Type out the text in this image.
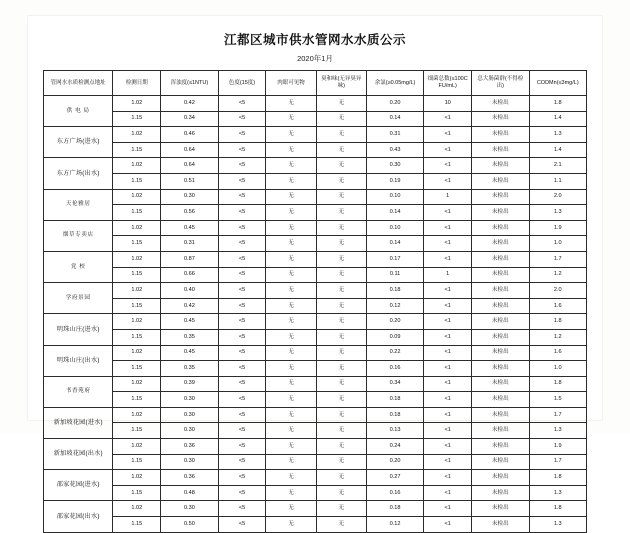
江都区城市供水管网水水质公示
2020年1月
管网水水质检测点地址	检测日期	浑浊度(≤1NTU)	色度(15度)	肉眼可见物	臭和味(无异臭异味)	余氯(≥0.05mg/L)	细菌总数(≤100CFU/mL)	总大肠菌群(不得检出)	CODMn(≤3mg/L)
供 电 局	1.02	0.42	<5	无	无	0.20	10	未检出	1.8
	1.15	0.34	<5	无	无	0.14	<1	未检出	1.4
东方广场(进水)	1.02	0.46	<5	无	无	0.31	<1	未检出	1.3
	1.15	0.64	<5	无	无	0.43	<1	未检出	1.4
东方广场(出水)	1.02	0.64	<5	无	无	0.30	<1	未检出	2.1
	1.15	0.51	<5	无	无	0.19	<1	未检出	1.1
天伦雅居	1.02	0.30	<5	无	无	0.10	1	未检出	2.0
	1.15	0.56	<5	无	无	0.14	<1	未检出	1.3
烟草专卖店	1.02	0.45	<5	无	无	0.10	<1	未检出	1.9
	1.15	0.31	<5	无	无	0.14	<1	未检出	1.0
党 校	1.02	0.87	<5	无	无	0.17	<1	未检出	1.7
	1.15	0.66	<5	无	无	0.11	1	未检出	1.2
学府景园	1.02	0.40	<5	无	无	0.18	<1	未检出	2.0
	1.15	0.42	<5	无	无	0.12	<1	未检出	1.6
明珠山庄(进水)	1.02	0.45	<5	无	无	0.20	<1	未检出	1.8
	1.15	0.35	<5	无	无	0.09	<1	未检出	1.2
明珠山庄(出水)	1.02	0.45	<5	无	无	0.22	<1	未检出	1.6
	1.15	0.35	<5	无	无	0.16	<1	未检出	1.0
书香苑府	1.02	0.39	<5	无	无	0.34	<1	未检出	1.8
	1.15	0.30	<5	无	无	0.18	<1	未检出	1.5
新加坡花园(进水)	1.02	0.30	<5	无	无	0.18	<1	未检出	1.7
	1.15	0.30	<5	无	无	0.13	<1	未检出	1.3
新加坡花园(出水)	1.02	0.36	<5	无	无	0.24	<1	未检出	1.9
	1.15	0.30	<5	无	无	0.20	<1	未检出	1.7
邵家花园(进水)	1.02	0.36	<5	无	无	0.27	<1	未检出	1.8
	1.15	0.48	<5	无	无	0.16	<1	未检出	1.3
邵家花园(出水)	1.02	0.30	<5	无	无	0.18	<1	未检出	1.8
	1.15	0.50	<5	无	无	0.12	<1	未检出	1.3
